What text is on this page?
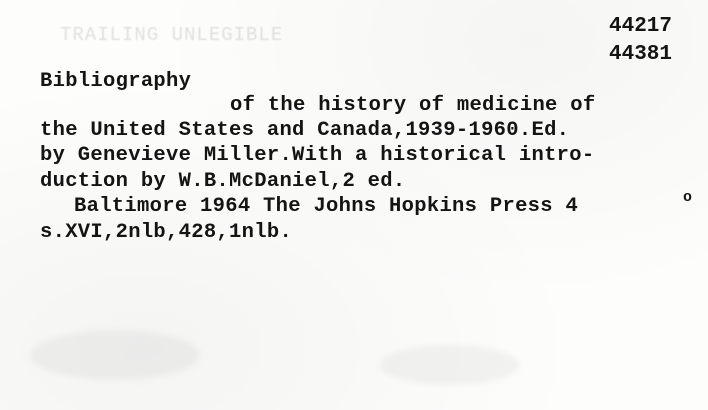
TRAILING UNLEGIBLE	44217
44381
Bibliography
of the history of medicine of
the United States and Canada,1939-1960.Ed.
by Genevieve Miller.With a historical intro-
duction by W.B.McDaniel,2 ed.
Baltimore 1964 The Johns Hopkins Press 4	o
s.XVI,2nlb,428,1nlb.
